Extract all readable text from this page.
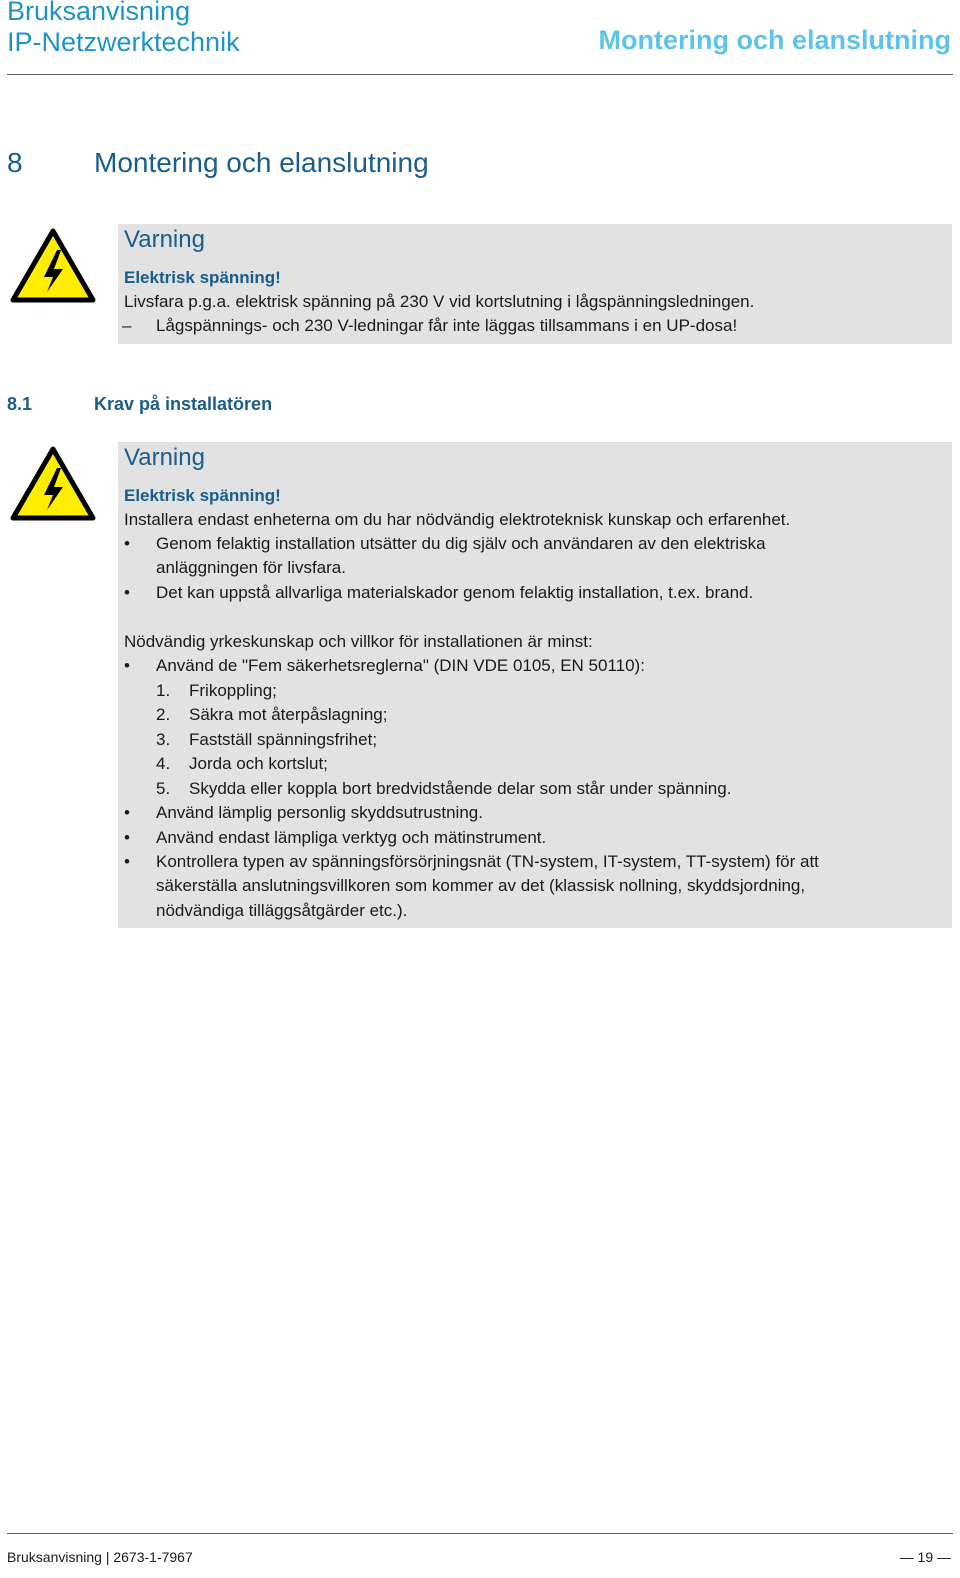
Bruksanvisning
IP-Netzwerktechnik	Montering och elanslutning
8	Montering och elanslutning
Varning
Elektrisk spänning!
Livsfara p.g.a. elektrisk spänning på 230 V vid kortslutning i lågspänningsledningen.
– Lågspännings- och 230 V-ledningar får inte läggas tillsammans i en UP-dosa!
8.1	Krav på installatören
Varning
Elektrisk spänning!
Installera endast enheterna om du har nödvändig elektroteknisk kunskap och erfarenhet.
• Genom felaktig installation utsätter du dig själv och användaren av den elektriska
anläggningen för livsfara.
• Det kan uppstå allvarliga materialskador genom felaktig installation, t.ex. brand.
Nödvändig yrkeskunskap och villkor för installationen är minst:
• Använd de "Fem säkerhetsreglerna" (DIN VDE 0105, EN 50110):
1. Frikoppling;
2. Säkra mot återpåslagning;
3. Fastställ spänningsfrihet;
4. Jorda och kortslut;
5. Skydda eller koppla bort bredvidstående delar som står under spänning.
• Använd lämplig personlig skyddsutrustning.
• Använd endast lämpliga verktyg och mätinstrument.
• Kontrollera typen av spänningsförsörjningsnät (TN-system, IT-system, TT-system) för att
säkerställa anslutningsvillkoren som kommer av det (klassisk nollning, skyddsjordning,
nödvändiga tilläggsåtgärder etc.).
Bruksanvisning | 2673-1-7967	— 19 —
